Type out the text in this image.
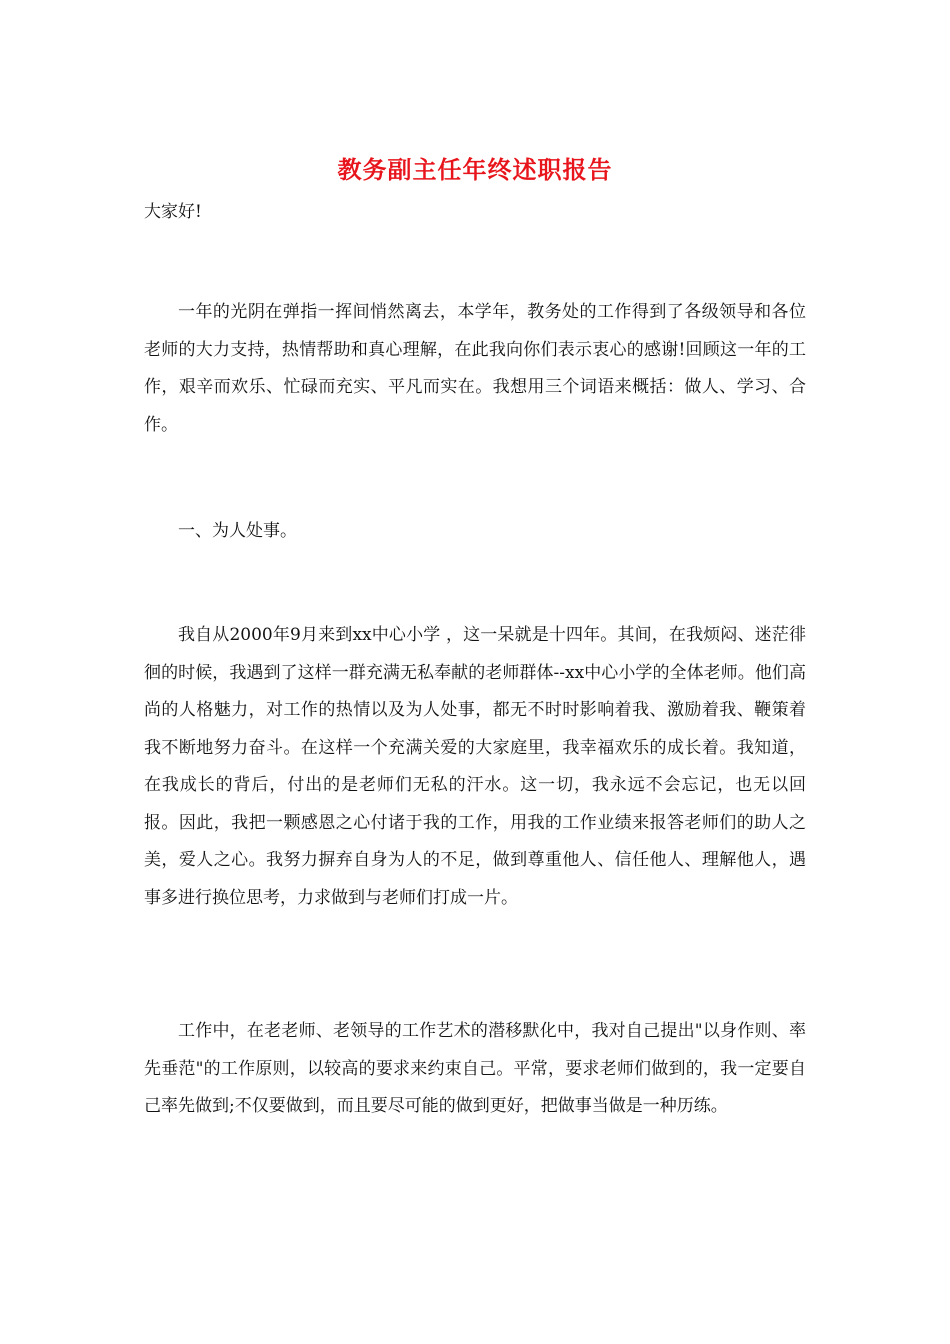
教务副主任年终述职报告
大家好!

一年的光阴在弹指一挥间悄然离去，本学年，教务处的工作得到了各级领导和各位老师的大力支持，热情帮助和真心理解，在此我向你们表示衷心的感谢!回顾这一年的工作，艰辛而欢乐、忙碌而充实、平凡而实在。我想用三个词语来概括：做人、学习、合作。

一、为人处事。

我自从2000年9月来到xx中心小学 ，这一呆就是十四年。其间，在我烦闷、迷茫徘徊的时候，我遇到了这样一群充满无私奉献的老师群体--xx中心小学的全体老师。他们高尚的人格魅力，对工作的热情以及为人处事，都无不时时影响着我、激励着我、鞭策着我不断地努力奋斗。在这样一个充满关爱的大家庭里，我幸福欢乐的成长着。我知道，在我成长的背后，付出的是老师们无私的汗水。这一切，我永远不会忘记，也无以回报。因此，我把一颗感恩之心付诸于我的工作，用我的工作业绩来报答老师们的助人之美，爱人之心。我努力摒弃自身为人的不足，做到尊重他人、信任他人、理解他人，遇事多进行换位思考，力求做到与老师们打成一片。

工作中，在老老师、老领导的工作艺术的潜移默化中，我对自己提出"以身作则、率先垂范"的工作原则，以较高的要求来约束自己。平常，要求老师们做到的，我一定要自己率先做到;不仅要做到，而且要尽可能的做到更好，把做事当做是一种历练。
